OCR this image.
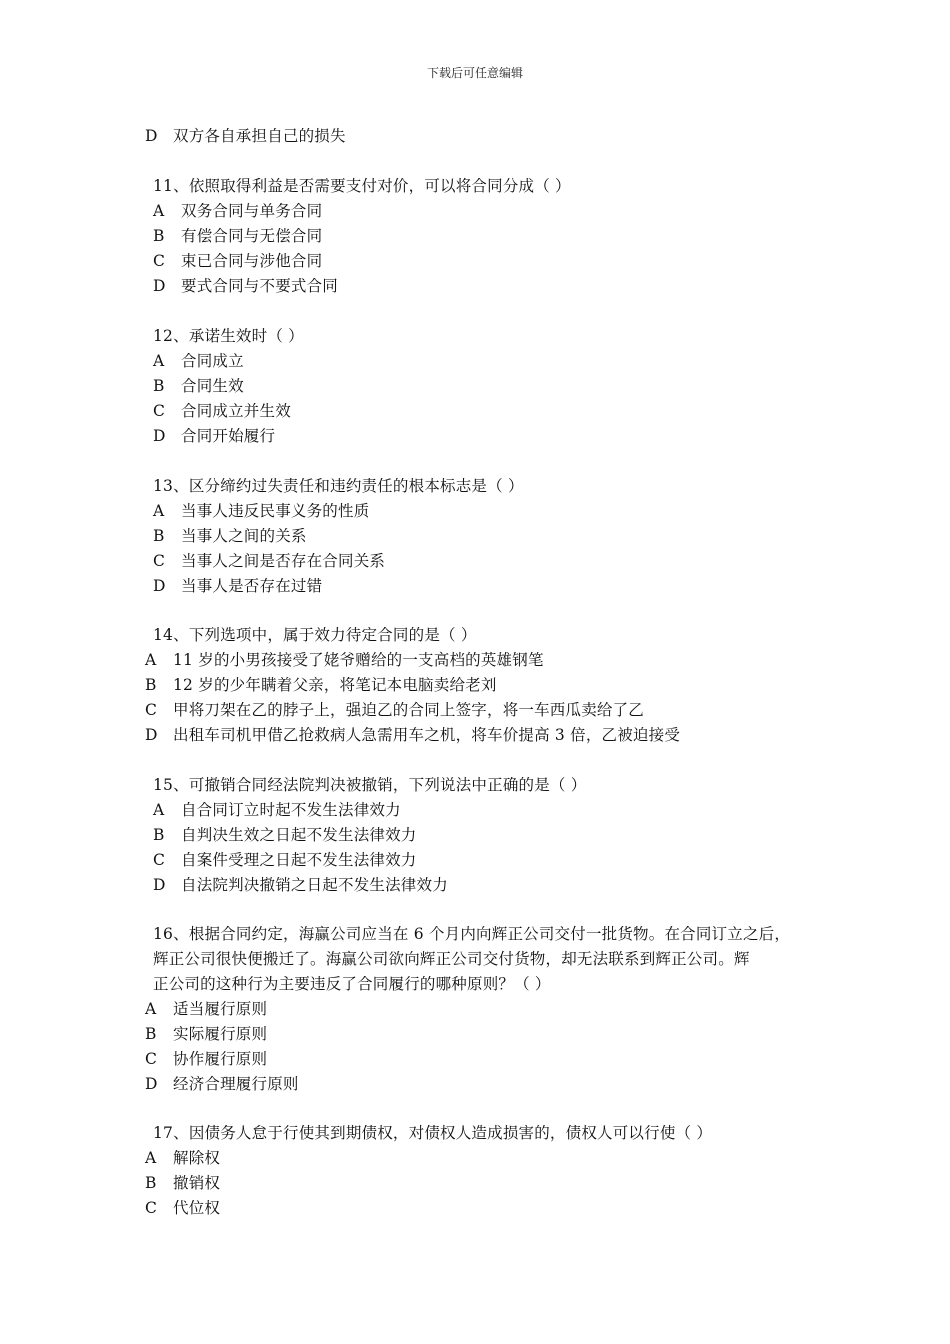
下载后可任意编辑
D 双方各自承担自己的损失
11、依照取得利益是否需要支付对价，可以将合同分成（ ）
A 双务合同与单务合同
B 有偿合同与无偿合同
C 束已合同与涉他合同
D 要式合同与不要式合同
12、承诺生效时（ ）
A 合同成立
B 合同生效
C 合同成立并生效
D 合同开始履行
13、区分缔约过失责任和违约责任的根本标志是（ ）
A 当事人违反民事义务的性质
B 当事人之间的关系
C 当事人之间是否存在合同关系
D 当事人是否存在过错
14、下列选项中，属于效力待定合同的是（ ）
A 11 岁的小男孩接受了姥爷赠给的一支高档的英雄钢笔
B 12 岁的少年瞒着父亲，将笔记本电脑卖给老刘
C 甲将刀架在乙的脖子上，强迫乙的合同上签字，将一车西瓜卖给了乙
D 出租车司机甲借乙抢救病人急需用车之机，将车价提高 3 倍，乙被迫接受
15、可撤销合同经法院判决被撤销，下列说法中正确的是（ ）
A 自合同订立时起不发生法律效力
B 自判决生效之日起不发生法律效力
C 自案件受理之日起不发生法律效力
D 自法院判决撤销之日起不发生法律效力
16、根据合同约定，海赢公司应当在 6 个月内向辉正公司交付一批货物。在合同订立之后，
辉正公司很快便搬迁了。海赢公司欲向辉正公司交付货物，却无法联系到辉正公司。辉
正公司的这种行为主要违反了合同履行的哪种原则？（ ）
A 适当履行原则
B 实际履行原则
C 协作履行原则
D 经济合理履行原则
17、因债务人怠于行使其到期债权，对债权人造成损害的，债权人可以行使（ ）
A 解除权
B 撤销权
C 代位权
